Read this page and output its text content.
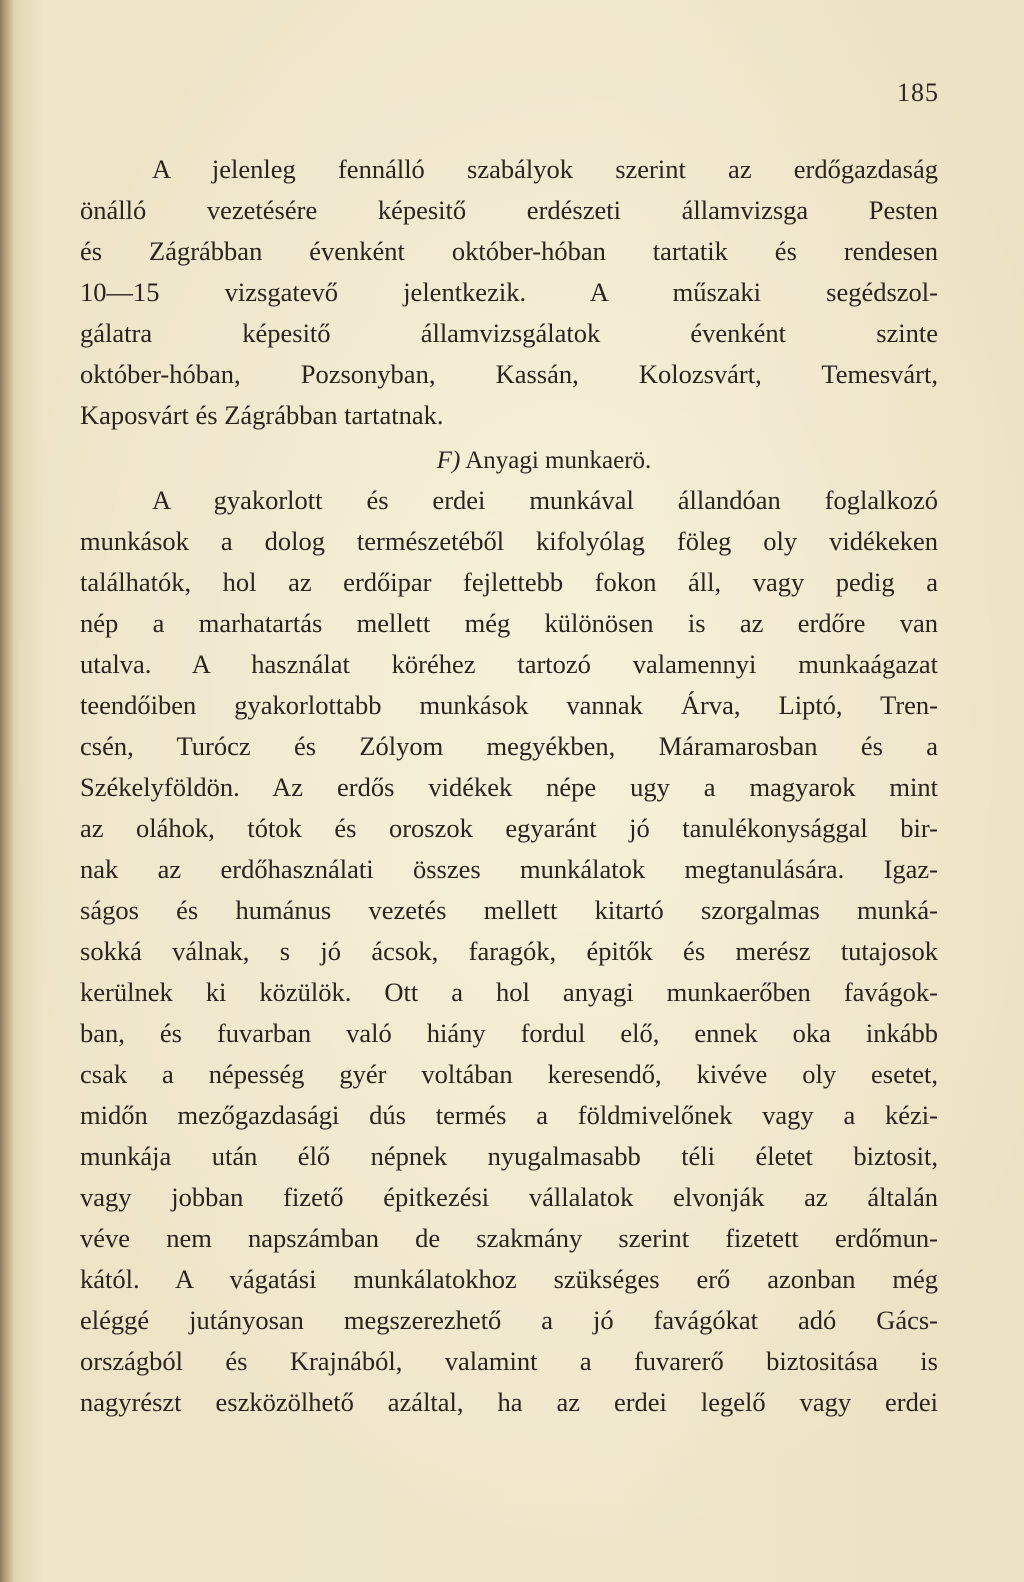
185
A jelenleg fennálló szabályok szerint az erdőgazdaság
önálló vezetésére képesitő erdészeti államvizsga Pesten
és Zágrábban évenként október-hóban tartatik és rendesen
10—15 vizsgatevő jelentkezik. A műszaki segédszol-
gálatra képesitő államvizsgálatok évenként szinte
október-hóban, Pozsonyban, Kassán, Kolozsvárt, Temesvárt,
Kaposvárt és Zágrábban tartatnak.
F) Anyagi munkaerö.
A gyakorlott és erdei munkával állandóan foglalkozó
munkások a dolog természetéből kifolyólag föleg oly vidékeken
találhatók, hol az erdőipar fejlettebb fokon áll, vagy pedig a
nép a marhatartás mellett még különösen is az erdőre van
utalva. A használat köréhez tartozó valamennyi munkaágazat
teendőiben gyakorlottabb munkások vannak Árva, Liptó, Tren-
csén, Turócz és Zólyom megyékben, Máramarosban és a
Székelyföldön. Az erdős vidékek népe ugy a magyarok mint
az oláhok, tótok és oroszok egyaránt jó tanulékonysággal bir-
nak az erdőhasználati összes munkálatok megtanulására. Igaz-
ságos és humánus vezetés mellett kitartó szorgalmas munká-
sokká válnak, s jó ácsok, faragók, épitők és merész tutajosok
kerülnek ki közülök. Ott a hol anyagi munkaerőben favágok-
ban, és fuvarban való hiány fordul elő, ennek oka inkább
csak a népesség gyér voltában keresendő, kivéve oly esetet,
midőn mezőgazdasági dús termés a földmivelőnek vagy a kézi-
munkája után élő népnek nyugalmasabb téli életet biztosit,
vagy jobban fizető épitkezési vállalatok elvonják az általán
véve nem napszámban de szakmány szerint fizetett erdőmun-
kától. A vágatási munkálatokhoz szükséges erő azonban még
eléggé jutányosan megszerezhető a jó favágókat adó Gács-
országból és Krajnából, valamint a fuvarerő biztositása is
nagyrészt eszközölhető azáltal, ha az erdei legelő vagy erdei
